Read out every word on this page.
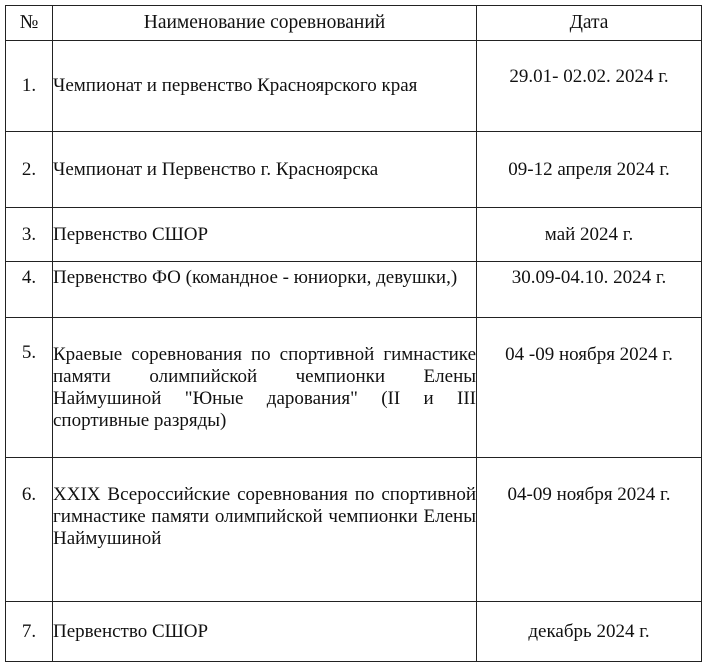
№	Наименование соревнований	Дата
1.	Чемпионат и первенство Красноярского края	29.01- 02.02. 2024 г.
2.	Чемпионат и Первенство г. Красноярска	09-12 апреля 2024 г.
3.	Первенство СШОР	май 2024 г.
4.	Первенство ФО (командное - юниорки, девушки,)	30.09-04.10. 2024 г.
5.	Краевые соревнования по спортивной гимнастике памяти олимпийской чемпионки Елены Наймушиной "Юные дарования" (II и III спортивные разряды)	04 -09 ноября 2024 г.
6.	XXIX Всероссийские соревнования по спортивной гимнастике памяти олимпийской чемпионки Елены Наймушиной	04-09 ноября 2024 г.
7.	Первенство СШОР	декабрь 2024 г.
